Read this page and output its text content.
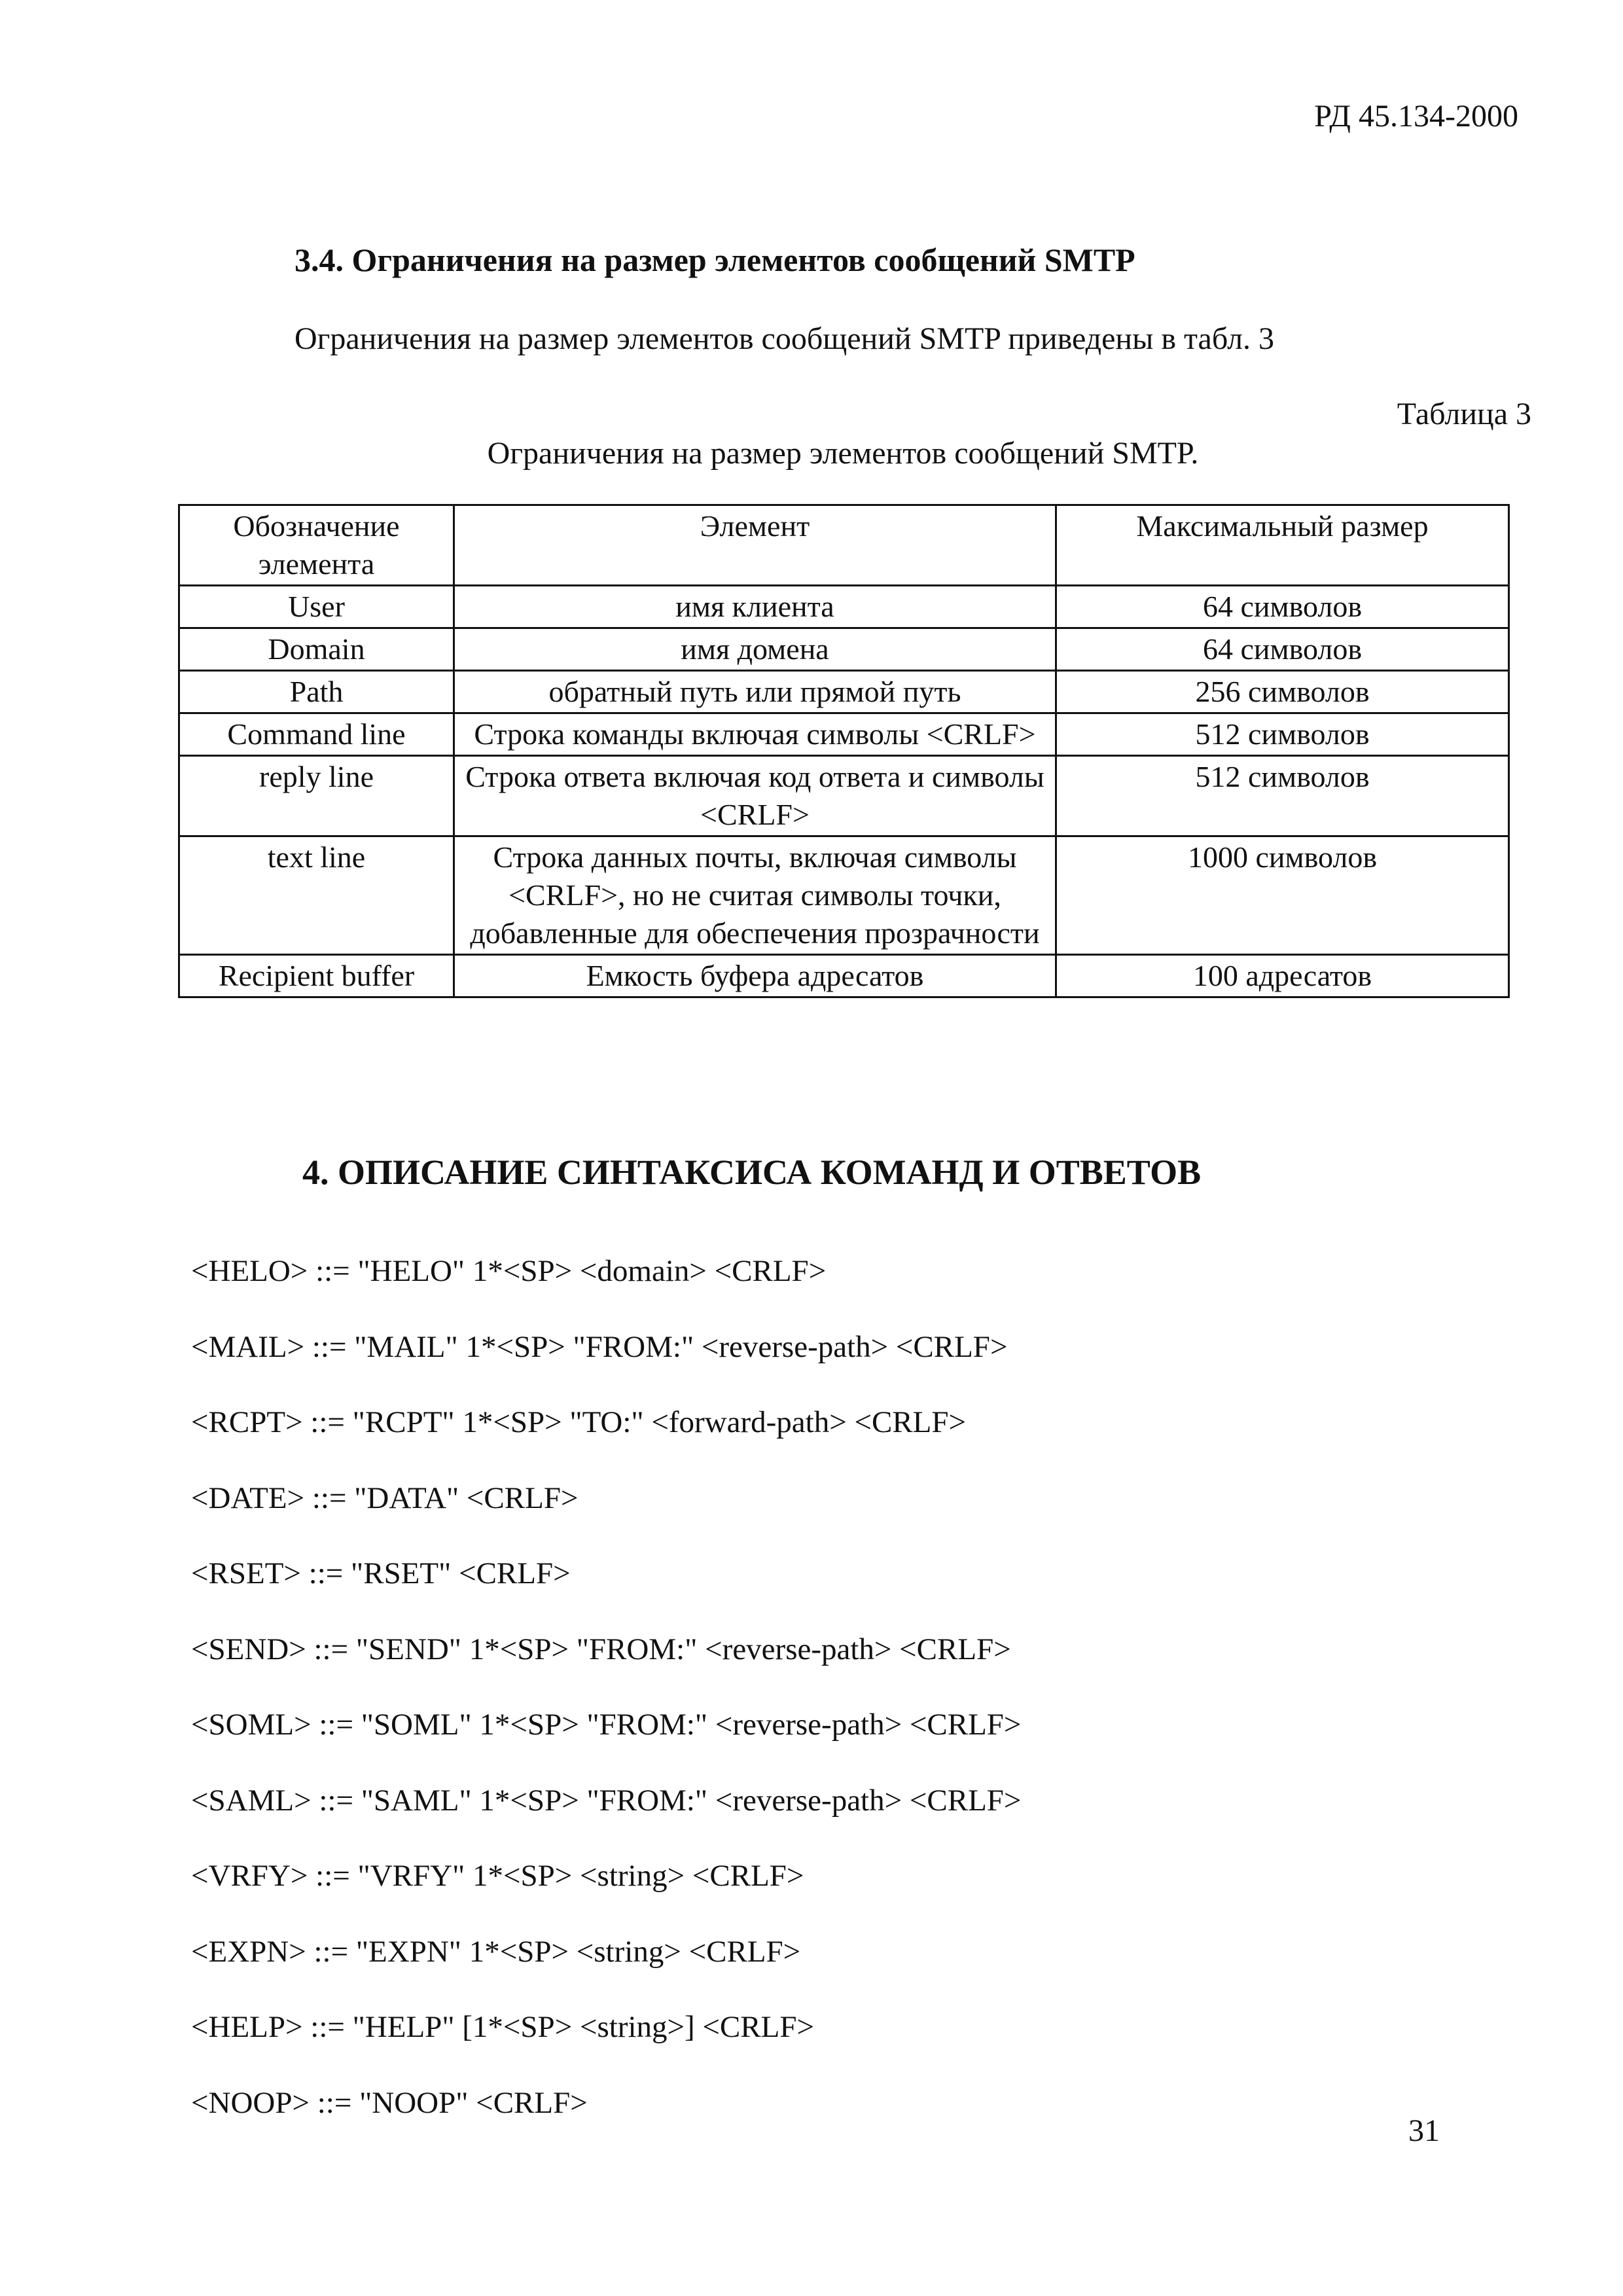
РД 45.134-2000
3.4. Ограничения на размер элементов сообщений SMTP
Ограничения на размер элементов сообщений SMTP приведены в табл. 3
Таблица 3
Ограничения на размер элементов сообщений SMTP.
Обозначение элемента	Элемент	Максимальный размер
User	имя клиента	64 символов
Domain	имя домена	64 символов
Path	обратный путь или прямой путь	256 символов
Command line	Строка команды включая символы <CRLF>	512 символов
reply line	Строка ответа включая код ответа и символы <CRLF>	512 символов
text line	Строка данных почты, включая символы <CRLF>, но не считая символы точки, добавленные для обеспечения прозрачности	1000 символов
Recipient buffer	Емкость буфера адресатов	100 адресатов
4. ОПИСАНИЕ СИНТАКСИСА КОМАНД И ОТВЕТОВ
<HELO> ::= "HELO" 1*<SP> <domain> <CRLF>
<MAIL> ::= "MAIL" 1*<SP> "FROM:" <reverse-path> <CRLF>
<RCPT> ::= "RCPT" 1*<SP> "TO:" <forward-path> <CRLF>
<DATE> ::= "DATA" <CRLF>
<RSET> ::= "RSET" <CRLF>
<SEND> ::= "SEND" 1*<SP> "FROM:" <reverse-path> <CRLF>
<SOML> ::= "SOML" 1*<SP> "FROM:" <reverse-path> <CRLF>
<SAML> ::= "SAML" 1*<SP> "FROM:" <reverse-path> <CRLF>
<VRFY> ::= "VRFY" 1*<SP> <string> <CRLF>
<EXPN> ::= "EXPN" 1*<SP> <string> <CRLF>
<HELP> ::= "HELP" [1*<SP> <string>] <CRLF>
<NOOP> ::= "NOOP" <CRLF>
31
